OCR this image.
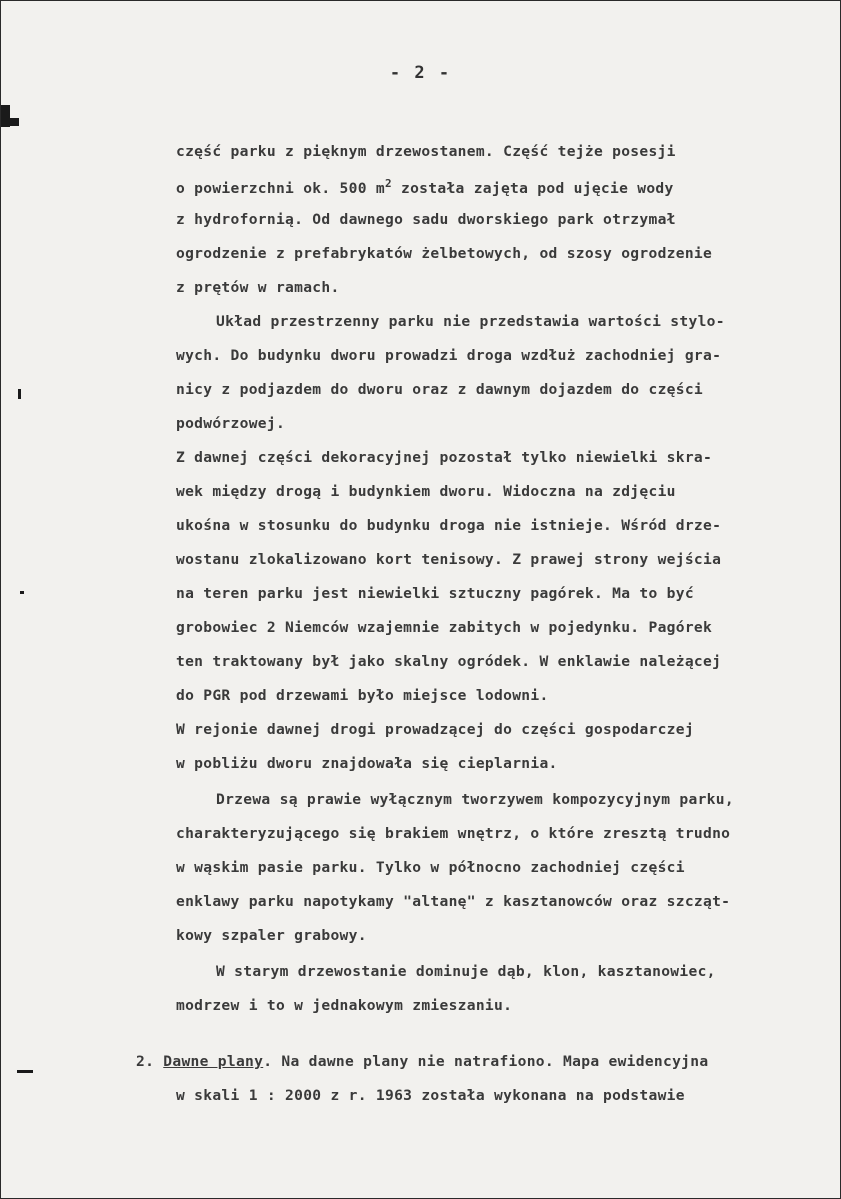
- 2 -
część parku z pięknym drzewostanem. Część tejże posesji
o powierzchni ok. 500 $m^2$ została zajęta pod ujęcie wody
z hydrofornią. Od dawnego sadu dworskiego park otrzymał
ogrodzenie z prefabrykatów żelbetowych, od szosy ogrodzenie
z prętów w ramach.
Układ przestrzenny parku nie przedstawia wartości stylo-
wych. Do budynku dworu prowadzi droga wzdłuż zachodniej gra-
nicy z podjazdem do dworu oraz z dawnym dojazdem do części
podwórzowej.
Z dawnej części dekoracyjnej pozostał tylko niewielki skra-
wek między drogą i budynkiem dworu. Widoczna na zdjęciu
ukośna w stosunku do budynku droga nie istnieje. Wśród drze-
wostanu zlokalizowano kort tenisowy. Z prawej strony wejścia
na teren parku jest niewielki sztuczny pagórek. Ma to być
grobowiec 2 Niemców wzajemnie zabitych w pojedynku. Pagórek
ten traktowany był jako skalny ogródek. W enklawie należącej
do PGR pod drzewami było miejsce lodowni.
W rejonie dawnej drogi prowadzącej do części gospodarczej
w pobliżu dworu znajdowała się cieplarnia.
Drzewa są prawie wyłącznym tworzywem kompozycyjnym parku,
charakteryzującego się brakiem wnętrz, o które zresztą trudno
w wąskim pasie parku. Tylko w północno zachodniej części
enklawy parku napotykamy "altanę" z kasztanowców oraz szcząt-
kowy szpaler grabowy.
W starym drzewostanie dominuje dąb, klon, kasztanowiec,
modrzew i to w jednakowym zmieszaniu.
2. Dawne plany. Na dawne plany nie natrafiono. Mapa ewidencyjna
w skali 1 : 2000 z r. 1963 została wykonana na podstawie
